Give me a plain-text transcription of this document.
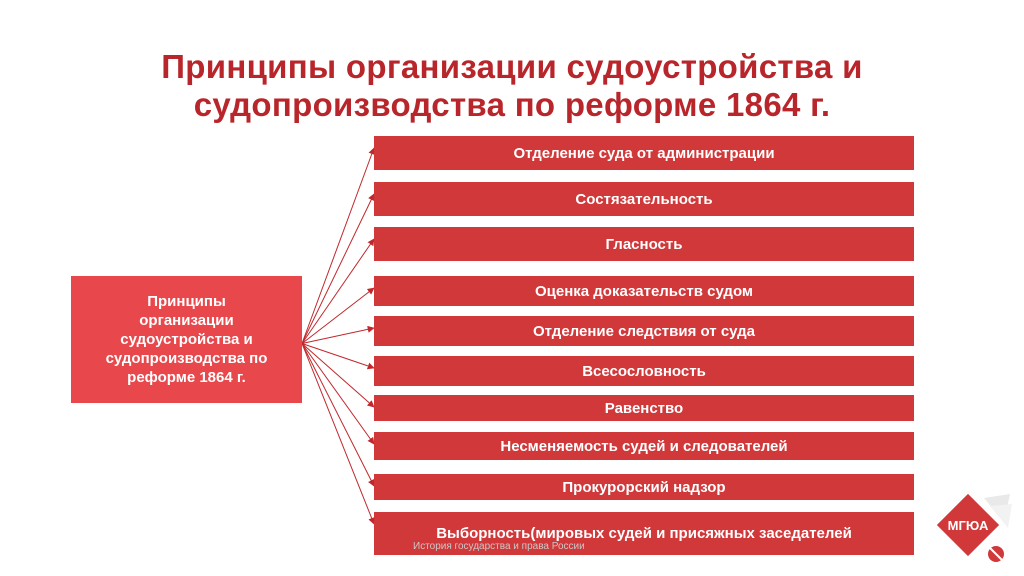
Принципы организации судоустройства и
судопроизводства по реформе 1864 г.
Принципы
организации
судоустройства и
судопроизводства по
реформе 1864 г.
Отделение суда от администрации
Состязательность
Гласность
Оценка доказательств судом
Отделение следствия от суда
Всесословность
Равенство
Несменяемость судей и следователей
Прокурорский надзор
Выборность(мировых судей и присяжных заседателей
История государства и права России
МГЮА
